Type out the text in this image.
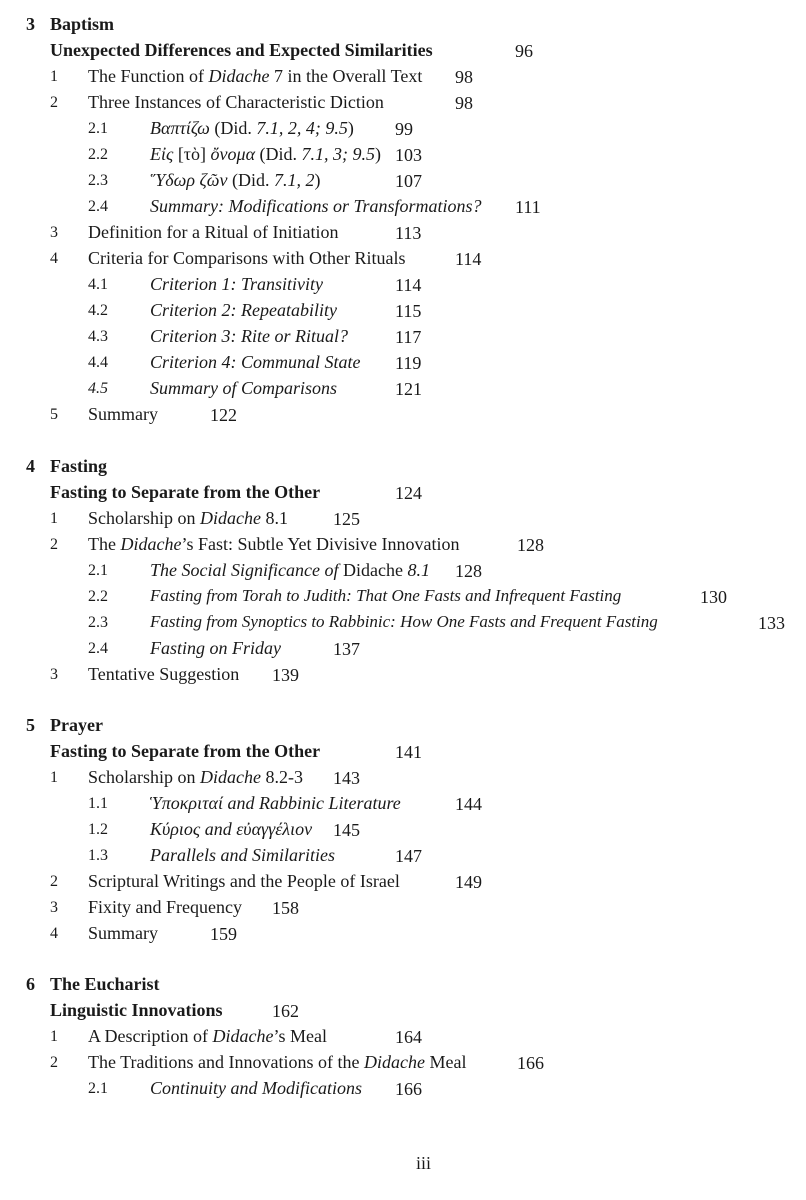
3 Baptism
Unexpected Differences and Expected Similarities	96
1 The Function of Didache 7 in the Overall Text 98
2 Three Instances of Characteristic Diction	98
2.1 Βαπτίζω (Did. 7.1, 2, 4; 9.5) 99
2.2 Εἰς [τὸ] ὄνομα (Did. 7.1, 3; 9.5) 103
2.3 Ὕδωρ ζῶν (Did. 7.1, 2)	107
2.4 Summary: Modifications or Transformations? 111
3 Definition for a Ritual of Initiation	113
4 Criteria for Comparisons with Other Rituals	114
4.1 Criterion 1: Transitivity	114
4.2 Criterion 2: Repeatability	115
4.3 Criterion 3: Rite or Ritual?	117
4.4 Criterion 4: Communal State 119
4.5 Summary of Comparisons	121
5 Summary	122
4 Fasting
Fasting to Separate from the Other	124
1 Scholarship on Didache 8.1	125
2 The Didache’s Fast: Subtle Yet Divisive Innovation	128
2.1 The Social Significance of Didache 8.1 128
2.2 Fasting from Torah to Judith: That One Fasts and Infrequent Fasting	130
2.3 Fasting from Synoptics to Rabbinic: How One Fasts and Frequent Fasting	133
2.4 Fasting on Friday	137
3 Tentative Suggestion 139
5 Prayer
Fasting to Separate from the Other	141
1 Scholarship on Didache 8.2-3 143
1.1 Ὑποκριταί and Rabbinic Literature	144
1.2 Κύριος and εὐαγγέλιον 145
1.3 Parallels and Similarities	147
2 Scriptural Writings and the People of Israel	149
3 Fixity and Frequency 158
4 Summary	159
6 The Eucharist
Linguistic Innovations	162
1 A Description of Didache’s Meal	164
2 The Traditions and Innovations of the Didache Meal	166
2.1 Continuity and Modifications 166
iii
